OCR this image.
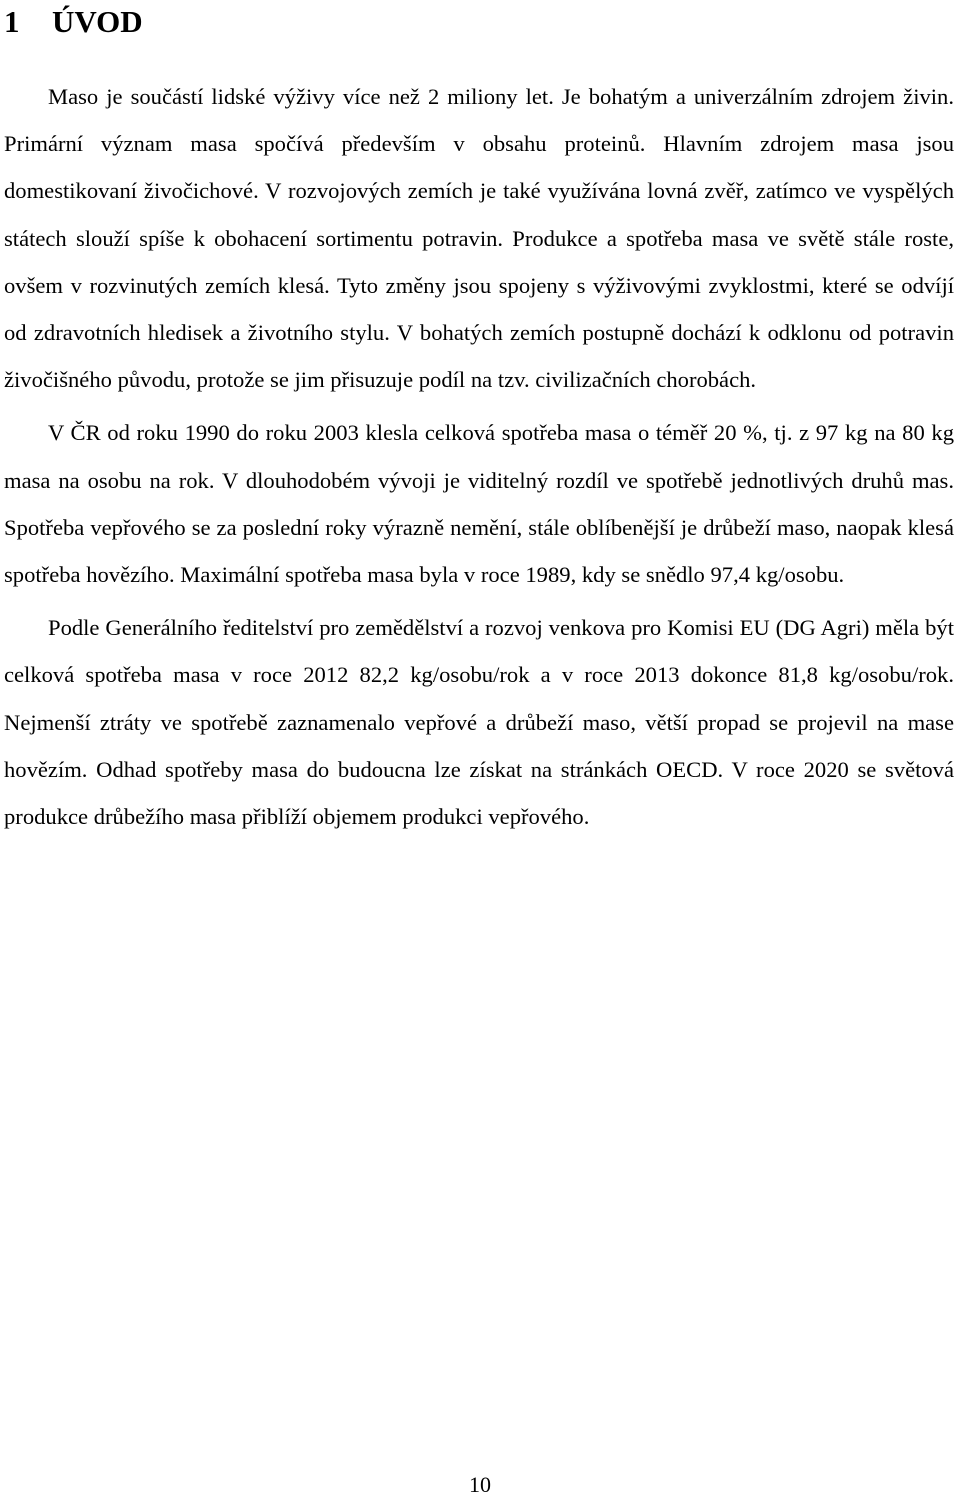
1 ÚVOD

Maso je součástí lidské výživy více než 2 miliony let. Je bohatým a univerzálním zdrojem živin. Primární význam masa spočívá především v obsahu proteinů. Hlavním zdrojem masa jsou domestikovaní živočichové. V rozvojových zemích je také využívána lovná zvěř, zatímco ve vyspělých státech slouží spíše k obohacení sortimentu potravin. Produkce a spotřeba masa ve světě stále roste, ovšem v rozvinutých zemích klesá. Tyto změny jsou spojeny s výživovými zvyklostmi, které se odvíjí od zdravotních hledisek a životního stylu. V bohatých zemích postupně dochází k odklonu od potravin živočišného původu, protože se jim přisuzuje podíl na tzv. civilizačních chorobách.

V ČR od roku 1990 do roku 2003 klesla celková spotřeba masa o téměř 20 %, tj. z 97 kg na 80 kg masa na osobu na rok. V dlouhodobém vývoji je viditelný rozdíl ve spotřebě jednotlivých druhů mas. Spotřeba vepřového se za poslední roky výrazně nemění, stále oblíbenější je drůbeží maso, naopak klesá spotřeba hovězího. Maximální spotřeba masa byla v roce 1989, kdy se snědlo 97,4 kg/osobu.

Podle Generálního ředitelství pro zemědělství a rozvoj venkova pro Komisi EU (DG Agri) měla být celková spotřeba masa v roce 2012 82,2 kg/osobu/rok a v roce 2013 dokonce 81,8 kg/osobu/rok. Nejmenší ztráty ve spotřebě zaznamenalo vepřové a drůbeží maso, větší propad se projevil na mase hovězím. Odhad spotřeby masa do budoucna lze získat na stránkách OECD. V roce 2020 se světová produkce drůbežího masa přiblíží objemem produkci vepřového.

10
